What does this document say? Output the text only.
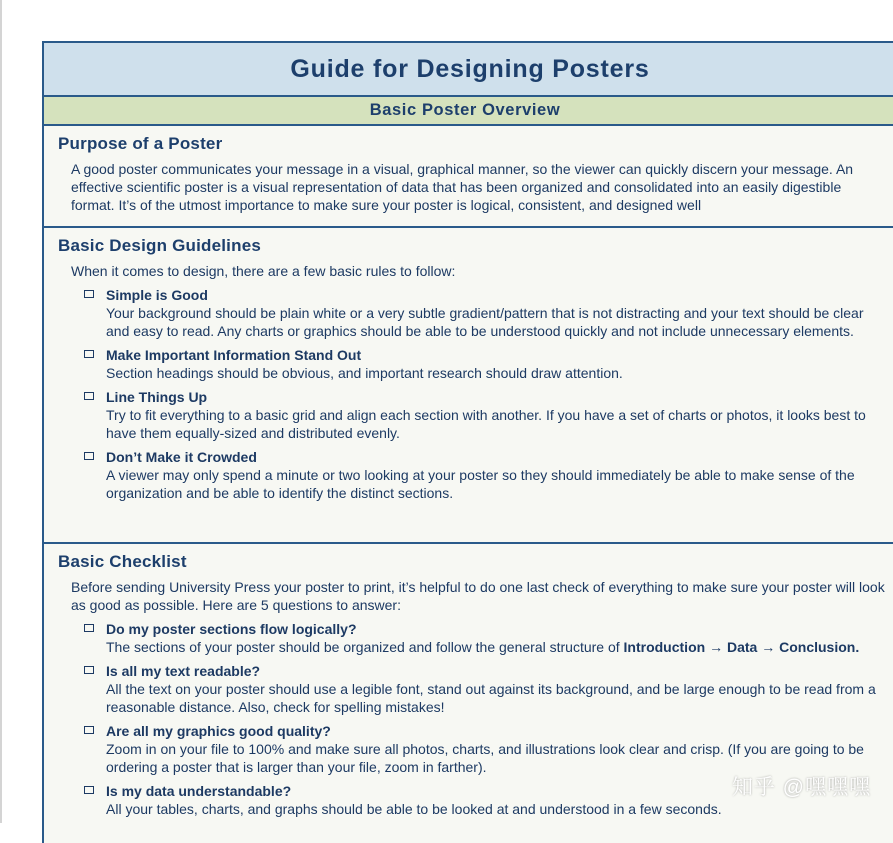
Guide for Designing Posters
Basic Poster Overview
Purpose of a Poster
A good poster communicates your message in a visual, graphical manner, so the viewer can quickly discern your message. An effective scientific poster is a visual representation of data that has been organized and consolidated into an easily digestible format. It’s of the utmost importance to make sure your poster is logical, consistent, and designed well
Basic Design Guidelines
When it comes to design, there are a few basic rules to follow:
Simple is Good
Your background should be plain white or a very subtle gradient/pattern that is not distracting and your text should be clear and easy to read. Any charts or graphics should be able to be understood quickly and not include unnecessary elements.
Make Important Information Stand Out
Section headings should be obvious, and important research should draw attention.
Line Things Up
Try to fit everything to a basic grid and align each section with another. If you have a set of charts or photos, it looks best to have them equally-sized and distributed evenly.
Don’t Make it Crowded
A viewer may only spend a minute or two looking at your poster so they should immediately be able to make sense of the organization and be able to identify the distinct sections.
Basic Checklist
Before sending University Press your poster to print, it’s helpful to do one last check of everything to make sure your poster will look as good as possible. Here are 5 questions to answer:
Do my poster sections flow logically?
The sections of your poster should be organized and follow the general structure of Introduction → Data → Conclusion.
Is all my text readable?
All the text on your poster should use a legible font, stand out against its background, and be large enough to be read from a reasonable distance. Also, check for spelling mistakes!
Are all my graphics good quality?
Zoom in on your file to 100% and make sure all photos, charts, and illustrations look clear and crisp. (If you are going to be ordering a poster that is larger than your file, zoom in farther).
Is my data understandable?
All your tables, charts, and graphs should be able to be looked at and understood in a few seconds.
知乎 @嘿嘿嘿
